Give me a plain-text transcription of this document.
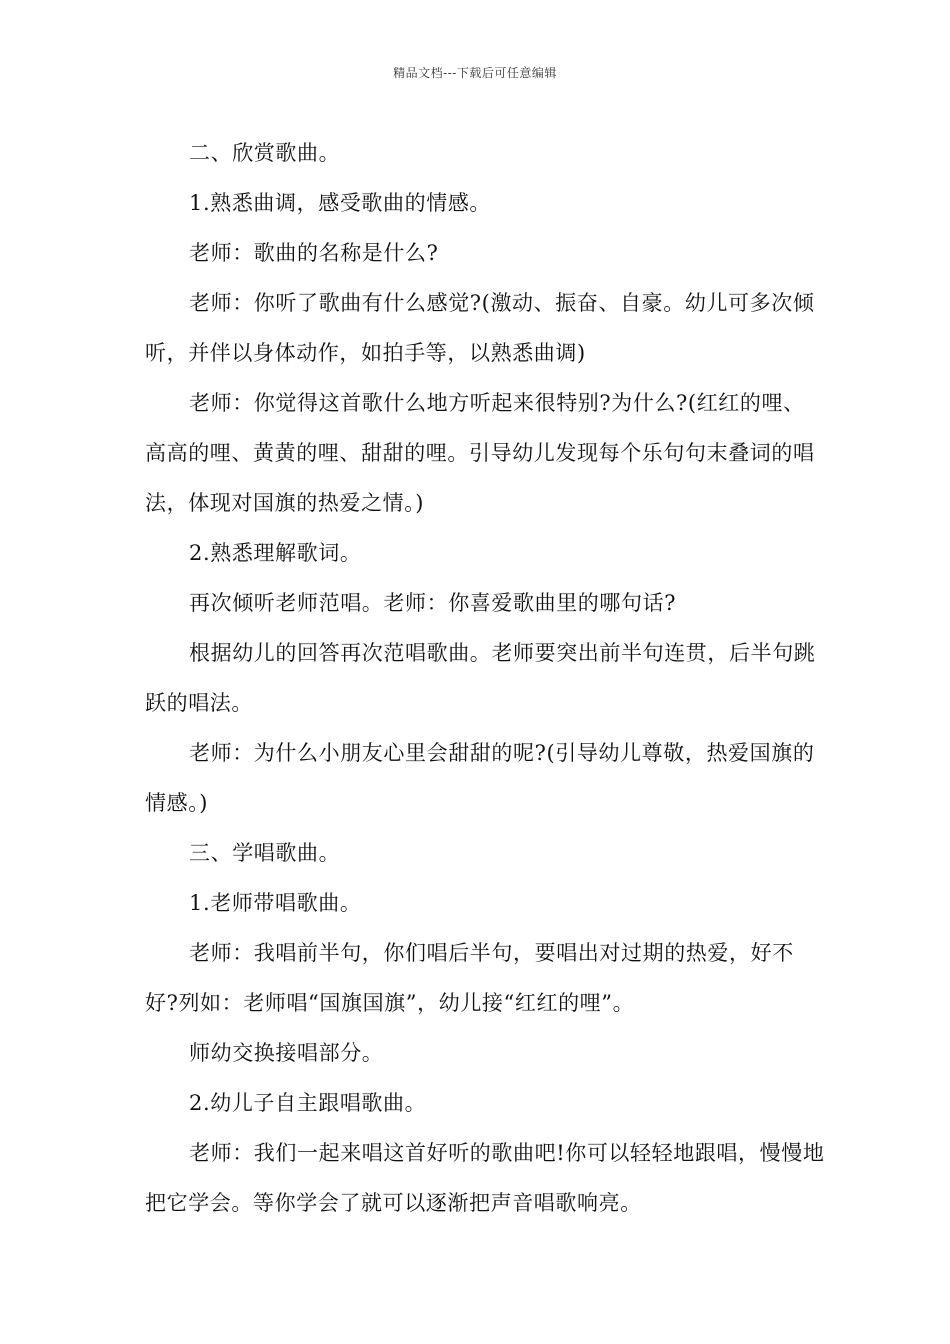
精品文档---下载后可任意编辑

二、欣赏歌曲。

1.熟悉曲调，感受歌曲的情感。

老师：歌曲的名称是什么?

老师：你听了歌曲有什么感觉?(激动、振奋、自豪。幼儿可多次倾听，并伴以身体动作，如拍手等，以熟悉曲调)

老师：你觉得这首歌什么地方听起来很特别?为什么?(红红的哩、高高的哩、黄黄的哩、甜甜的哩。引导幼儿发现每个乐句句末叠词的唱法，体现对国旗的热爱之情。)

2.熟悉理解歌词。

再次倾听老师范唱。老师：你喜爱歌曲里的哪句话?

根据幼儿的回答再次范唱歌曲。老师要突出前半句连贯，后半句跳跃的唱法。

老师：为什么小朋友心里会甜甜的呢?(引导幼儿尊敬，热爱国旗的情感。)

三、学唱歌曲。

1.老师带唱歌曲。

老师：我唱前半句，你们唱后半句，要唱出对过期的热爱，好不好?列如：老师唱“国旗国旗”，幼儿接“红红的哩”。

师幼交换接唱部分。

2.幼儿子自主跟唱歌曲。

老师：我们一起来唱这首好听的歌曲吧!你可以轻轻地跟唱，慢慢地把它学会。等你学会了就可以逐渐把声音唱歌响亮。
